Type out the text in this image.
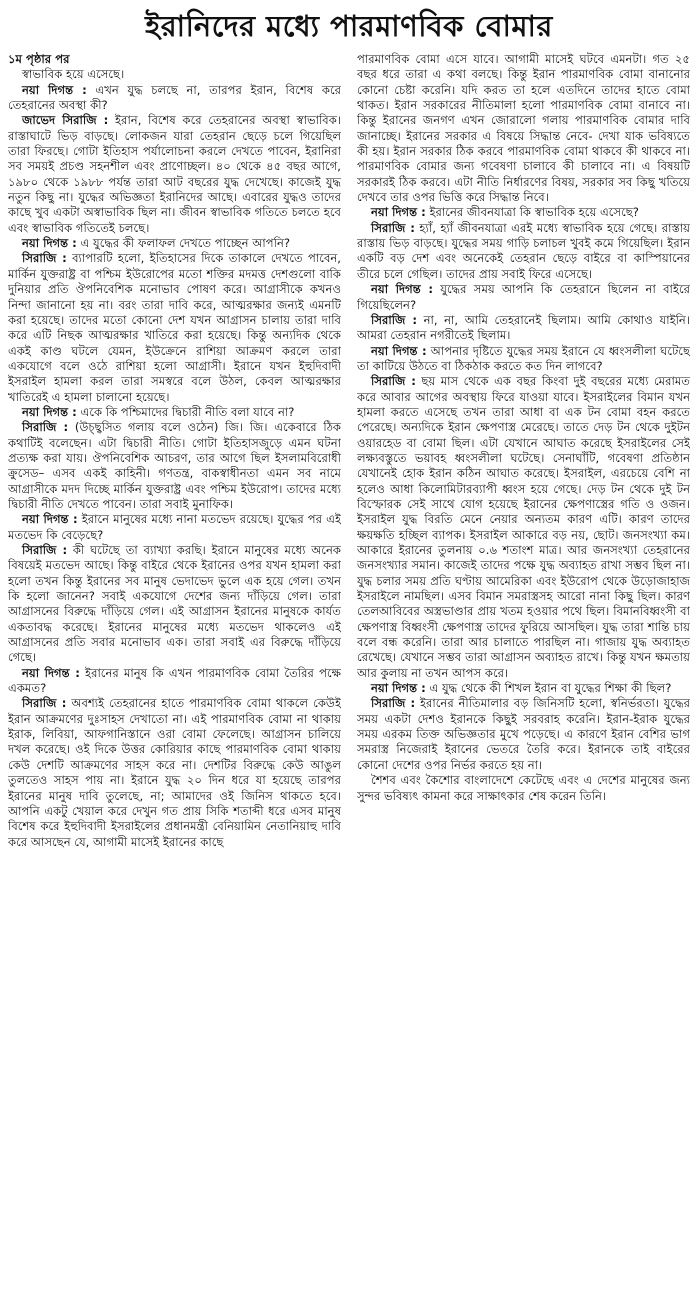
ইরানিদের মধ্যে পারমাণবিক বোমার

১ম পৃষ্ঠার পর

স্বাভাবিক হয়ে এসেছে।

নয়া দিগন্ত : এখন যুদ্ধ চলছে না, তারপর ইরান, বিশেষ করে তেহরানের অবস্থা কী?

জাভেদ সিরাজি : ইরান, বিশেষ করে তেহরানের অবস্থা স্বাভাবিক। রাস্তাঘাটে ভিড় বাড়ছে। লোকজন যারা তেহরান ছেড়ে চলে গিয়েছিল তারা ফিরছে। গোটা ইতিহাস পর্যালোচনা করলে দেখতে পাবেন, ইরানিরা সব সময়ই প্রচণ্ড সহনশীল এবং প্রাণোচ্ছল। ৪০ থেকে ৪৫ বছর আগে, ১৯৮০ থেকে ১৯৮৮ পর্যন্ত তারা আট বছরের যুদ্ধ দেখেছে। কাজেই যুদ্ধ নতুন কিছু না। যুদ্ধের অভিজ্ঞতা ইরানিদের আছে। এবারের যুদ্ধও তাদের কাছে খুব একটা অস্বাভাবিক ছিল না। জীবন স্বাভাবিক গতিতে চলতে হবে এবং স্বাভাবিক গতিতেই চলছে।

নয়া দিগন্ত : এ যুদ্ধের কী ফলাফল দেখতে পাচ্ছেন আপনি?

সিরাজি : ব্যাপারটি হলো, ইতিহাসের দিকে তাকালে দেখতে পাবেন, মার্কিন যুক্তরাষ্ট্র বা পশ্চিম ইউরোপের মতো শক্তির মদমত্ত দেশগুলো বাকি দুনিয়ার প্রতি ঔপনিবেশিক মনোভাব পোষণ করে। আগ্রাসীকে কখনও নিন্দা জানানো হয় না। বরং তারা দাবি করে, আত্মরক্ষার জন্যই এমনটি করা হয়েছে। তাদের মতো কোনো দেশ যখন আগ্রাসন চালায় তারা দাবি করে এটি নিছক আত্মরক্ষার খাতিরে করা হয়েছে। কিন্তু অন্যদিক থেকে একই কাণ্ড ঘটলে যেমন, ইউক্রেনে রাশিয়া আক্রমণ করলে তারা একযোগে বলে ওঠে রাশিয়া হলো আগ্রাসী। ইরানে যখন ইহুদিবাদী ইসরাইল হামলা করল তারা সমস্বরে বলে উঠল, কেবল আত্মরক্ষার খাতিরেই এ হামলা চালানো হয়েছে।

নয়া দিগন্ত : একে কি পশ্চিমাদের দ্বিচারী নীতি বলা যাবে না?

সিরাজি : (উচ্ছ্বসিত গলায় বলে ওঠেন) জি। জি। একেবারে ঠিক কথাটিই বলেছেন। এটা দ্বিচারী নীতি। গোটা ইতিহাসজুড়ে এমন ঘটনা প্রত্যক্ষ করা যায়। ঔপনিবেশিক আচরণ, তার আগে ছিল ইসলামবিরোধী ক্রুসেড– এসব একই কাহিনী। গণতন্ত্র, বাকস্বাধীনতা এমন সব নামে আগ্রাসীকে মদদ দিচ্ছে মার্কিন যুক্তরাষ্ট্র এবং পশ্চিম ইউরোপ। তাদের মধ্যে দ্বিচারী নীতি দেখতে পাবেন। তারা সবাই মুনাফিক।

নয়া দিগন্ত : ইরানে মানুষের মধ্যে নানা মতভেদ রয়েছে। যুদ্ধের পর এই মতভেদ কি বেড়েছে?

সিরাজি : কী ঘটেছে তা ব্যাখ্যা করছি। ইরানে মানুষের মধ্যে অনেক বিষয়েই মতভেদ আছে। কিন্তু বাইরে থেকে ইরানের ওপর যখন হামলা করা হলো তখন কিন্তু ইরানের সব মানুষ ভেদাভেদ ভুলে এক হয়ে গেল। তখন কি হলো জানেন? সবাই একযোগে দেশের জন্য দাঁড়িয়ে গেল। তারা আগ্রাসনের বিরুদ্ধে দাঁড়িয়ে গেল। এই আগ্রাসন ইরানের মানুষকে কার্যত একতাবদ্ধ করেছে। ইরানের মানুষের মধ্যে মতভেদ থাকলেও এই আগ্রাসনের প্রতি সবার মনোভাব এক। তারা সবাই এর বিরুদ্ধে দাঁড়িয়ে গেছে।

নয়া দিগন্ত : ইরানের মানুষ কি এখন পারমাণবিক বোমা তৈরির পক্ষে একমত?

সিরাজি : অবশ্যই তেহরানের হাতে পারমাণবিক বোমা থাকলে কেউই ইরান আক্রমণের দুঃসাহস দেখাতো না। এই পারমাণবিক বোমা না থাকায় ইরাক, লিবিয়া, আফগানিস্তানে ওরা বোমা ফেলেছে। আগ্রাসন চালিয়ে দখল করেছে। ওই দিকে উত্তর কোরিয়ার কাছে পারমাণবিক বোমা থাকায় কেউ দেশটি আক্রমণের সাহস করে না। দেশটির বিরুদ্ধে কেউ আঙুল তুলতেও সাহস পায় না। ইরানে যুদ্ধ ২০ দিন ধরে যা হয়েছে তারপর ইরানের মানুষ দাবি তুলেছে, না; আমাদের ওই জিনিস থাকতে হবে। আপনি একটু খেয়াল করে দেখুন গত প্রায় সিকি শতাব্দী ধরে এসব মানুষ বিশেষ করে ইহুদিবাদী ইসরাইলের প্রধানমন্ত্রী বেনিয়ামিন নেতানিয়াহু দাবি করে আসছেন যে, আগামী মাসেই ইরানের কাছে

পারমাণবিক বোমা এসে যাবে। আগামী মাসেই ঘটবে এমনটা। গত ২৫ বছর ধরে তারা এ কথা বলছে। কিন্তু ইরান পারমাণবিক বোমা বানানোর কোনো চেষ্টা করেনি। যদি করত তা হলে এতদিনে তাদের হাতে বোমা থাকত। ইরান সরকারের নীতিমালা হলো পারমাণবিক বোমা বানাবে না। কিন্তু ইরানের জনগণ এখন জোরালো গলায় পারমাণবিক বোমার দাবি জানাচ্ছে। ইরানের সরকার এ বিষয়ে সিদ্ধান্ত নেবে- দেখা যাক ভবিষ্যতে কী হয়। ইরান সরকার ঠিক করবে পারমাণবিক বোমা থাকবে কী থাকবে না। পারমাণবিক বোমার জন্য গবেষণা চালাবে কী চালাবে না। এ বিষয়টি সরকারই ঠিক করবে। এটা নীতি নির্ধারণের বিষয়, সরকার সব কিছু খতিয়ে দেখবে তার ওপর ভিত্তি করে সিদ্ধান্ত নিবে।

নয়া দিগন্ত : ইরানের জীবনযাত্রা কি স্বাভাবিক হয়ে এসেছে?

সিরাজি : হ্যাঁ, হ্যাঁ জীবনযাত্রা এরই মধ্যে স্বাভাবিক হয়ে গেছে। রাস্তায় রাস্তায় ভিড় বাড়ছে। যুদ্ধের সময় গাড়ি চলাচল খুবই কমে গিয়েছিল। ইরান একটি বড় দেশ এবং অনেকেই তেহরান ছেড়ে বাইরে বা কাস্পিয়ানের তীরে চলে গেছিল। তাদের প্রায় সবাই ফিরে এসেছে।

নয়া দিগন্ত : যুদ্ধের সময় আপনি কি তেহরানে ছিলেন না বাইরে গিয়েছিলেন?

সিরাজি : না, না, আমি তেহরানেই ছিলাম। আমি কোথাও যাইনি। আমরা তেহরান নগরীতেই ছিলাম।

নয়া দিগন্ত : আপনার দৃষ্টিতে যুদ্ধের সময় ইরানে যে ধ্বংসলীলা ঘটেছে তা কাটিয়ে উঠতে বা ঠিকঠাক করতে কত দিন লাগবে?

সিরাজি : ছয় মাস থেকে এক বছর কিংবা দুই বছরের মধ্যে মেরামত করে আবার আগের অবস্থায় ফিরে যাওয়া যাবে। ইসরাইলের বিমান যখন হামলা করতে এসেছে তখন তারা আধা বা এক টন বোমা বহন করতে পেরেছে। অন্যদিকে ইরান ক্ষেপণাস্ত্র মেরেছে। তাতে দেড় টন থেকে দুইটন ওয়ারহেড বা বোমা ছিল। এটা যেখানে আঘাত করেছে ইসরাইলের সেই লক্ষ্যবস্তুতে ভয়াবহ ধ্বংসলীলা ঘটেছে। সেনাঘাঁটি, গবেষণা প্রতিষ্ঠান যেখানেই হোক ইরান কঠিন আঘাত করেছে। ইসরাইল, এরচেয়ে বেশি না হলেও আধা কিলোমিটারব্যাপী ধ্বংস হয়ে গেছে। দেড় টন থেকে দুই টন বিস্ফোরক সেই সাথে যোগ হয়েছে ইরানের ক্ষেপণাস্ত্রের গতি ও ওজন। ইসরাইল যুদ্ধ বিরতি মেনে নেয়ার অন্যতম কারণ এটি। কারণ তাদের ক্ষয়ক্ষতি হচ্ছিল ব্যাপক। ইসরাইল আকারে বড় নয়, ছোট। জনসংখ্যা কম। আকারে ইরানের তুলনায় ০.৬ শতাংশ মাত্র। আর জনসংখ্যা তেহরানের জনসংখ্যার সমান। কাজেই তাদের পক্ষে যুদ্ধ অব্যাহত রাখা সম্ভব ছিল না। যুদ্ধ চলার সময় প্রতি ঘণ্টায় আমেরিকা এবং ইউরোপ থেকে উড়োজাহাজ ইসরাইলে নামছিল। এসব বিমান সমরাস্ত্রসহ আরো নানা কিছু ছিল। কারণ তেলআবিবের অস্ত্রভাণ্ডার প্রায় খতম হওয়ার পথে ছিল। বিমানবিধ্বংসী বা ক্ষেপণাস্ত্র বিধ্বংসী ক্ষেপণাস্ত্র তাদের ফুরিয়ে আসছিল। যুদ্ধ তারা শান্তি চায় বলে বন্ধ করেনি। তারা আর চালাতে পারছিল না। গাজায় যুদ্ধ অব্যাহত রেখেছে। যেখানে সম্ভব তারা আগ্রাসন অব্যাহত রাখে। কিন্তু যখন ক্ষমতায় আর কুলায় না তখন আপস করে।

নয়া দিগন্ত : এ যুদ্ধ থেকে কী শিখল ইরান বা যুদ্ধের শিক্ষা কী ছিল?

সিরাজি : ইরানের নীতিমালার বড় জিনিসটি হলো, স্বনির্ভরতা। যুদ্ধের সময় একটা দেশও ইরানকে কিছুই সরবরাহ করেনি। ইরান-ইরাক যুদ্ধের সময় এরকম তিক্ত অভিজ্ঞতার মুখে পড়েছে। এ কারণে ইরান বেশির ভাগ সমরাস্ত্র নিজেরাই ইরানের ভেতরে তৈরি করে। ইরানকে তাই বাইরের কোনো দেশের ওপর নির্ভর করতে হয় না।

শৈশব এবং কৈশোর বাংলাদেশে কেটেছে এবং এ দেশের মানুষের জন্য সুন্দর ভবিষ্যৎ কামনা করে সাক্ষাৎকার শেষ করেন তিনি।
